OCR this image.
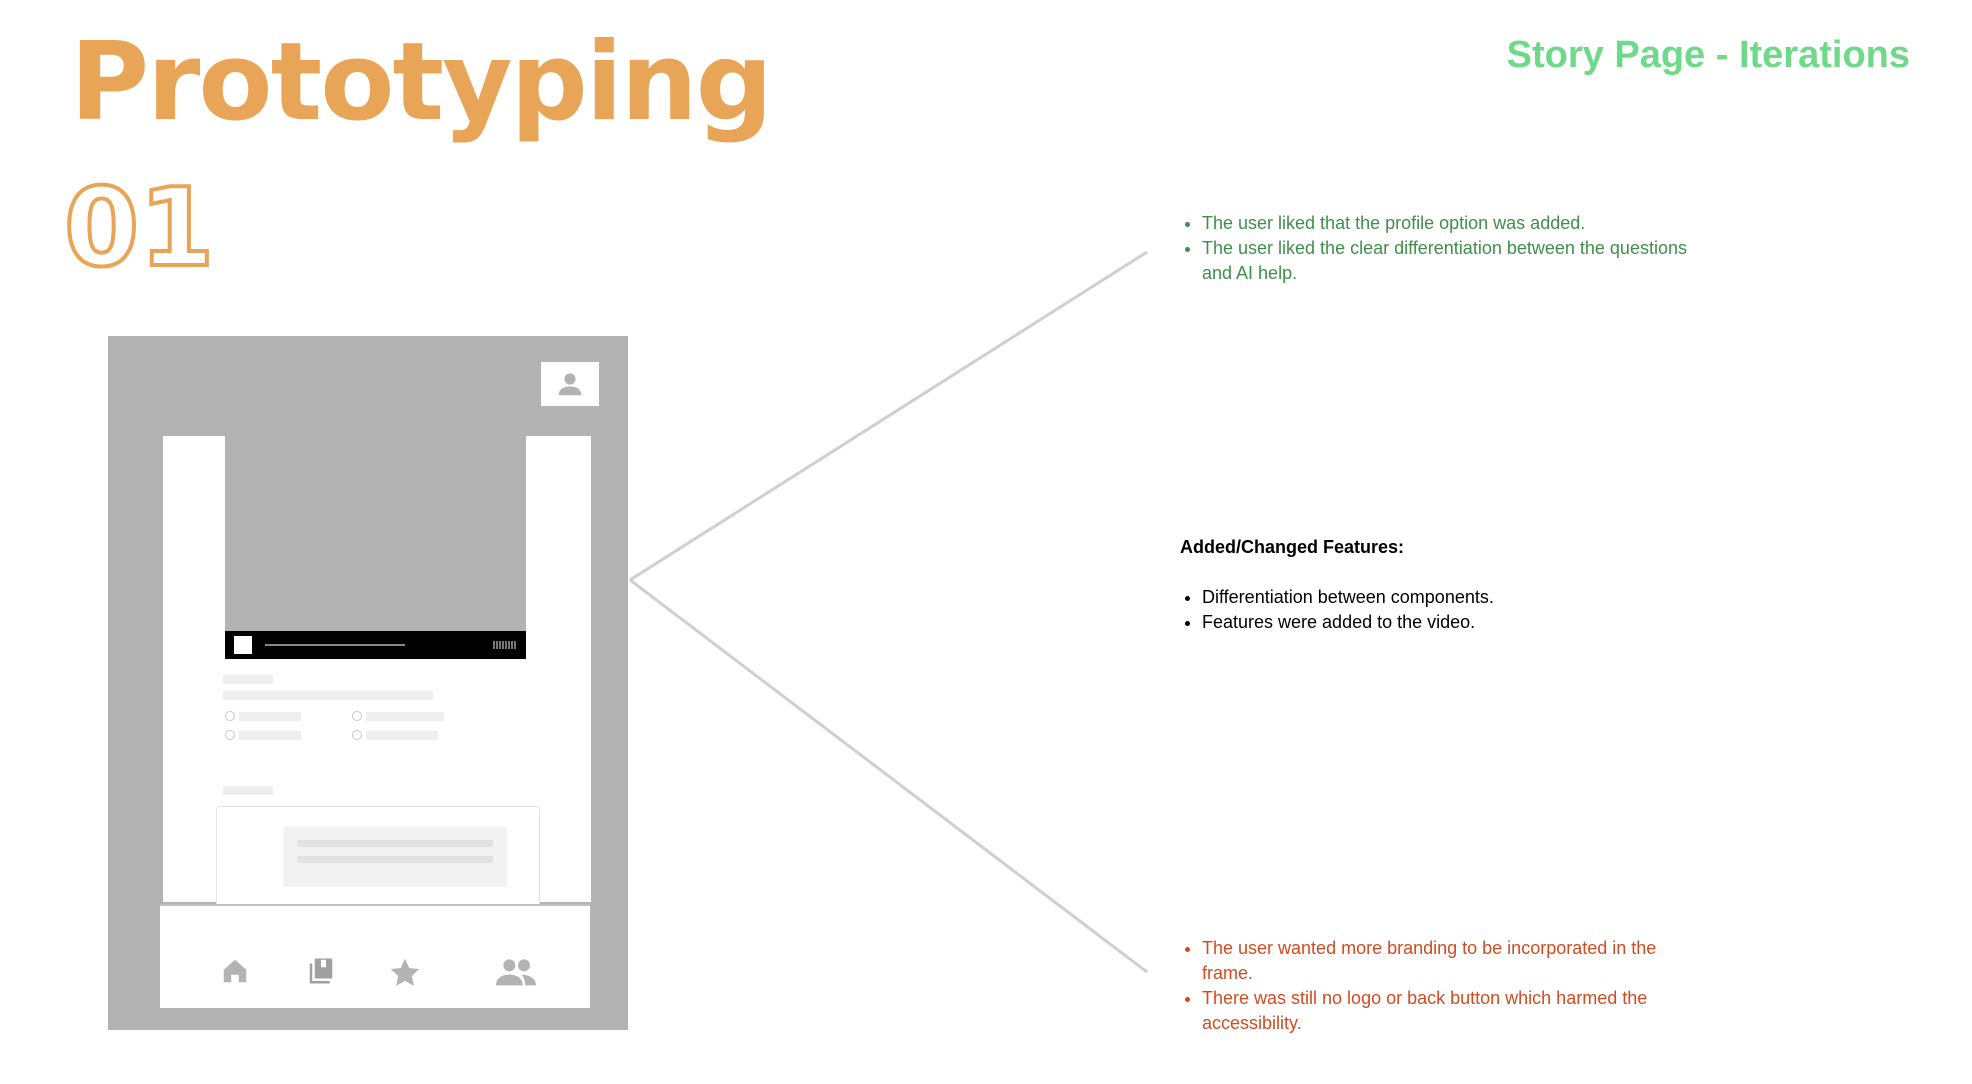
Prototyping	Story Page - Iterations
01
•	The user liked that the profile option was added.
• The user liked the clear differentiation between the questions and AI help.
Added/Changed Features:
• Differentiation between components.
• Features were added to the video.
• The user wanted more branding to be incorporated in the frame.
• There was still no logo or back button which harmed the accessibility.
